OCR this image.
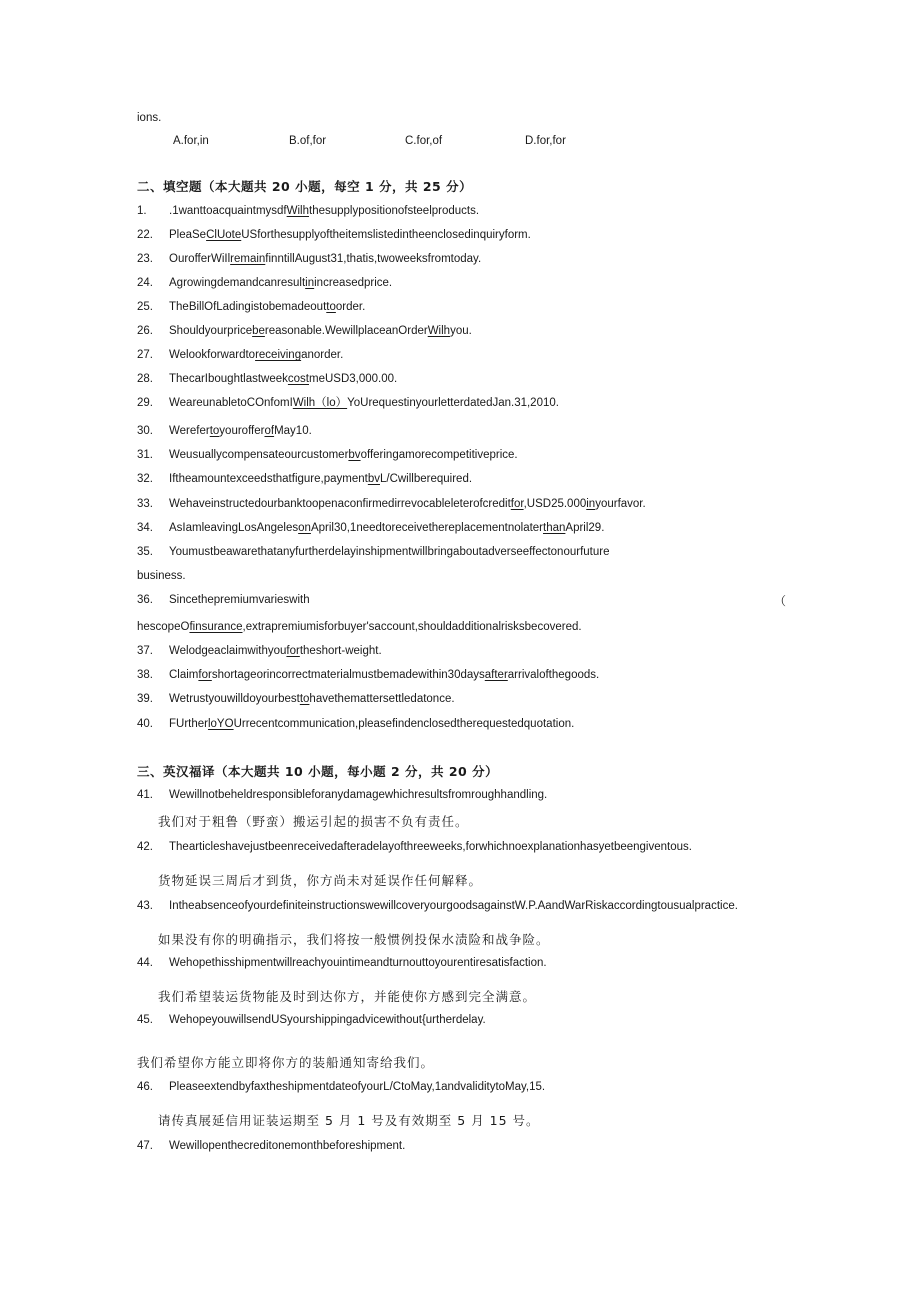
ions.
A.for,in	B.of,for	C.for,of	D.for,for
二、填空题（本大题共 20 小题，每空 1 分，共 25 分）
1. .1wanttoacquaintmysdfWilhthesupplypositionofsteelproducts.
22. PleaSeClUoteUSforthesupplyoftheitemslistedintheenclosedinquiryform.
23. OurofferWiIlremainfinntillAugust31,thatis,twoweeksfromtoday.
24. Agrowingdemandcanresultinincreasedprice.
25. TheBillOfLadingistobemadeouttoorder.
26. Shouldyourpricebereasonable.WewillplaceanOrderWilhyou.
27. Welookforwardtoreceivinganorder.
28. ThecarIboughtlastweekcostmeUSD3,000.00.
29. WeareunabletoCOnfomIWilh（lo）YoUrequestinyourletterdatedJan.31,2010.
30. WerefertoyourofferofMay10.
31. Weusuallycompensateourcustomerbvofferingamorecompetitiveprice.
32. Iftheamountexceedsthatfigure,paymentbvL/Cwillberequired.
33. Wehaveinstructedourbanktoopenaconfirmedirrevocableleterofcreditfor,USD25.000inyourfavor.
34. AsIamleavingLosAngelesonApril30,1needtoreceivethereplacementnolaterthanApril29.
35. Youmustbeawarethatanyfurtherdelayinshipmentwillbringaboutadverseeffectonourfuture
business.
36. Sincethepremiumvarieswith	（
hescopeOfinsurance,extrapremiumisforbuyer'saccount,shouldadditionalrisksbecovered.
37. Welodgeaclaimwithyoufortheshort-weight.
38. Claimforshortageorincorrectmaterialmustbemadewithin30daysafterarrivalofthegoods.
39. Wetrustyouwilldoyourbesttohavethemattersettledatonce.
40. FUrtherloYOUrrecentcommunication,pleasefindenclosedtherequestedquotation.
三、英汉福译（本大题共 10 小题，每小题 2 分，共 20 分）
41. Wewillnotbeheldresponsibleforanydamagewhichresultsfromroughhandling.
我们对于粗鲁（野蛮）搬运引起的损害不负有责任。
42. Thearticleshavejustbeenreceivedafteradelayofthreeweeks,forwhichnoexplanationhasyetbeengiventous.
货物延误三周后才到货，你方尚未对延误作任何解释。
43. IntheabsenceofyourdefiniteinstructionswewillcoveryourgoodsagainstW.P.AandWarRiskaccordingtousualpractice.
如果没有你的明确指示，我们将按一般惯例投保水渍险和战争险。
44. Wehopethisshipmentwillreachyouintimeandturnouttoyourentiresatisfaction.
我们希望装运货物能及时到达你方，并能使你方感到完全满意。
45. WehopeyouwillsendUSyourshippingadvicewithout{urtherdelay.
我们希望你方能立即将你方的装船通知寄给我们。
46. PleaseextendbyfaxtheshipmentdateofyourL/CtoMay,1andvaliditytoMay,15.
请传真展延信用证装运期至 5 月 1 号及有效期至 5 月 15 号。
47. Wewillopenthecreditonemonthbeforeshipment.
